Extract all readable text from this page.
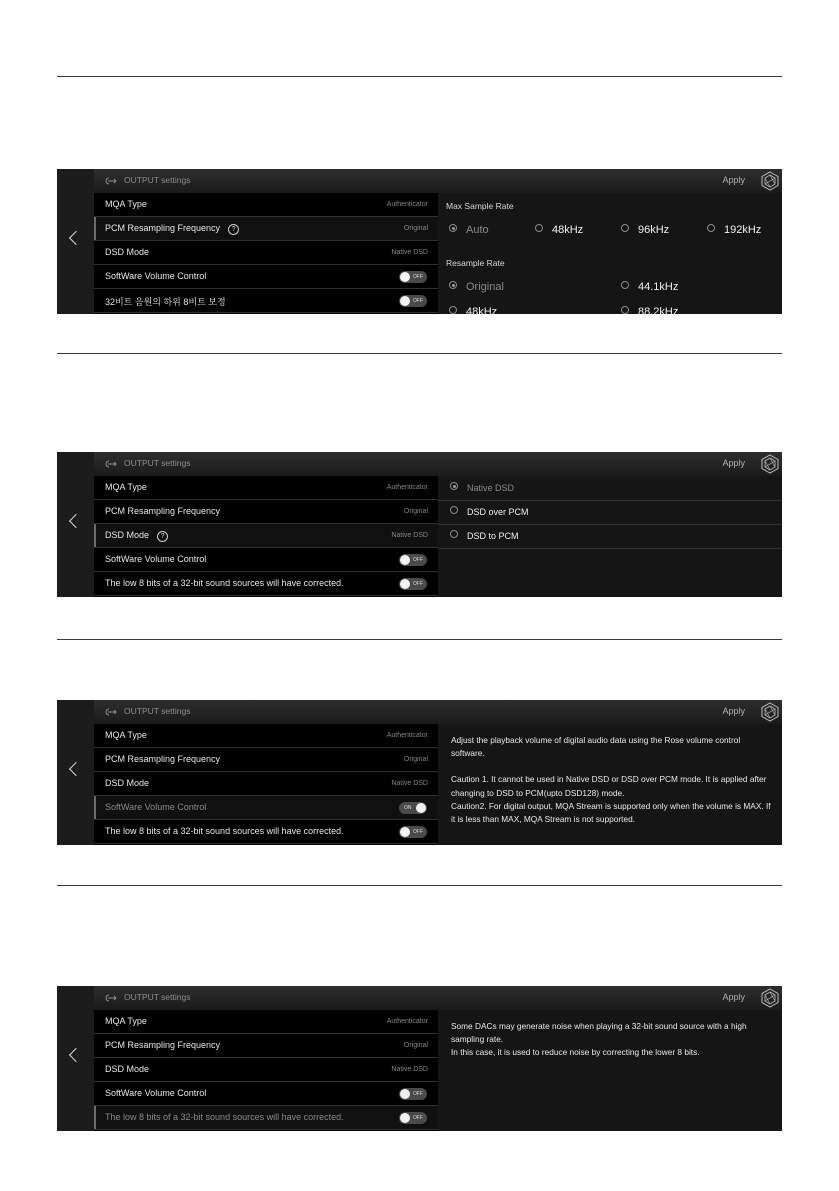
OUTPUT settings	Apply
MQA Type	Authenticator
PCM Resampling Frequency ?	Original
DSD Mode	Native DSD
SoftWare Volume Control	OFF
32비트 음원의 하위 8비트 보정	OFF
Max Sample Rate
Auto	48kHz	96kHz	192kHz
Resample Rate
Original	44.1kHz
48kHz	88.2kHz
OUTPUT settings	Apply
MQA Type	Authenticator
PCM Resampling Frequency	Original
DSD Mode ?	Native DSD
SoftWare Volume Control	OFF
The low 8 bits of a 32-bit sound sources will have corrected.	OFF
Native DSD
DSD over PCM
DSD to PCM
OUTPUT settings	Apply
MQA Type	Authenticator
PCM Resampling Frequency	Original
DSD Mode	Native DSD
SoftWare Volume Control	ON
The low 8 bits of a 32-bit sound sources will have corrected.	OFF

Adjust the playback volume of digital audio data using the Rose volume control software.

Caution 1. It cannot be used in Native DSD or DSD over PCM mode. It is applied after changing to DSD to PCM(upto DSD128) mode.

Caution2. For digital output, MQA Stream is supported only when the volume is MAX. If it is less than MAX, MQA Stream is not supported.

OUTPUT settings	Apply
MQA Type	Authenticator
PCM Resampling Frequency	Original
DSD Mode	Native DSD
SoftWare Volume Control	OFF
The low 8 bits of a 32-bit sound sources will have corrected.	OFF

Some DACs may generate noise when playing a 32-bit sound source with a high sampling rate.

In this case, it is used to reduce noise by correcting the lower 8 bits.
